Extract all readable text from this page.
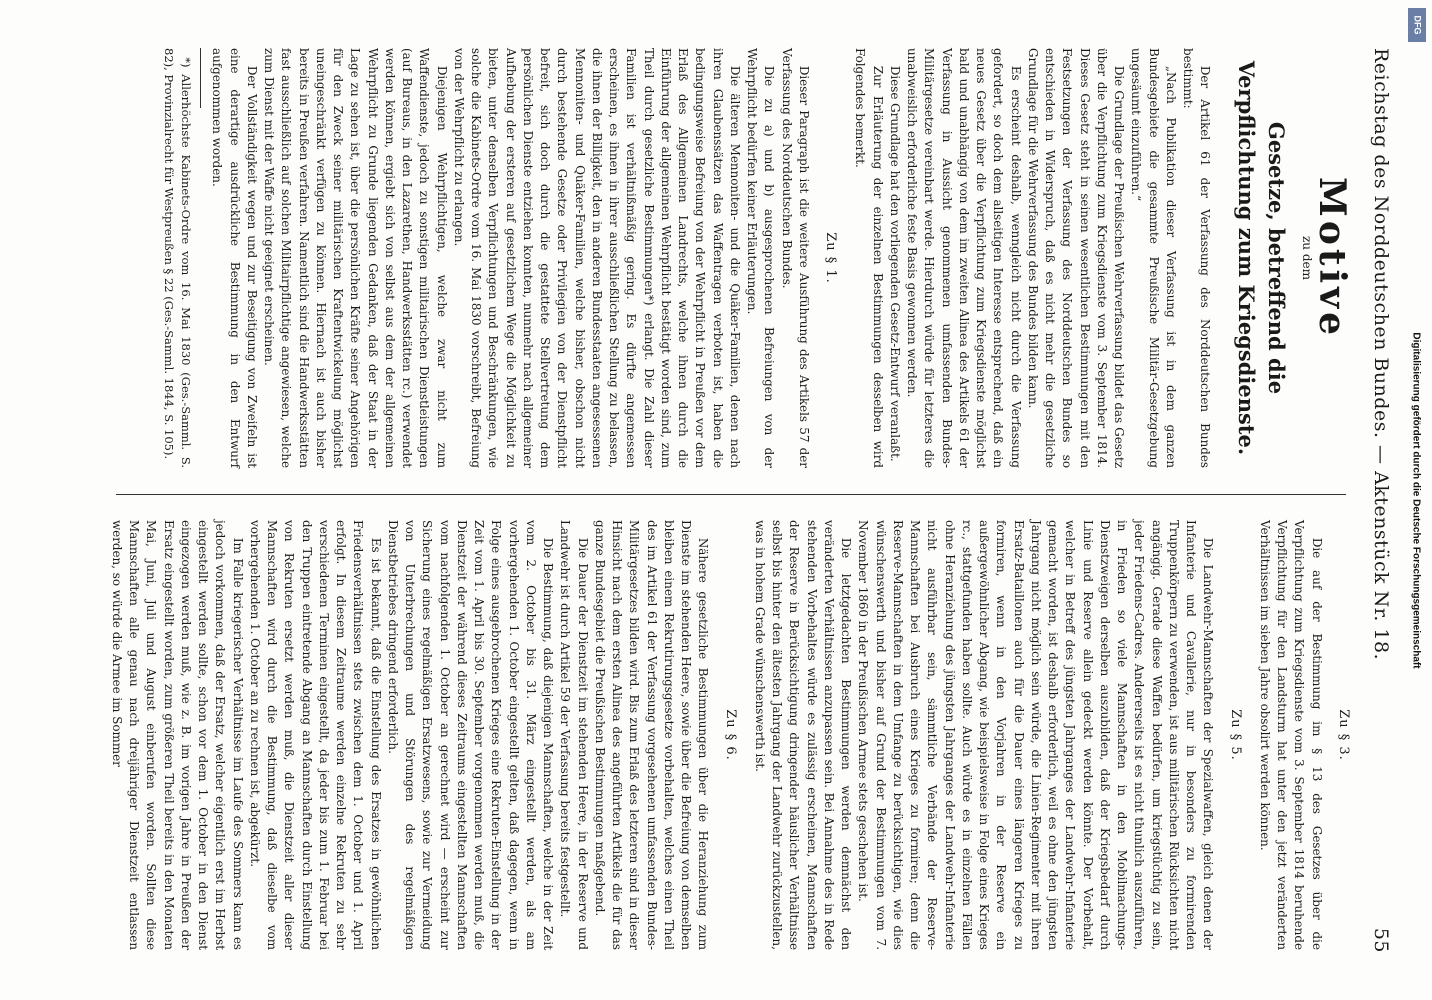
Reichstag des Norddeutschen Bundes. — Aktenstück Nr. 18.
55
Motive
zu dem
Gesetze, betreffend die Verpflichtung zum Kriegsdienste.

Der Artikel 61 der Verfassung des Norddeutschen Bundes bestimmt:

„Nach Publikation dieser Verfassung ist in dem ganzen Bundesgebiete die gesammte Preußische Militär-Gesetzgebung ungesäumt einzuführen.“

Die Grundlage der Preußischen Wehrverfassung bildet das Gesetz über die Verpflichtung zum Kriegsdienste vom 3. September 1814. Dieses Gesetz steht in seinen wesentlichen Bestimmungen mit den Festsetzungen der Verfassung des Norddeutschen Bundes so entschieden in Widerspruch, daß es nicht mehr die gesetzliche Grundlage für die Wehrverfassung des Bundes bilden kann.

Es erscheint deshalb, wenngleich nicht durch die Verfassung gefordert, so doch dem allseitigen Interesse entsprechend, daß ein neues Gesetz über die Verpflichtung zum Kriegsdienste möglichst bald und unabhängig von dem im zweiten Alinea des Artikels 61 der Verfassung in Aussicht genommenen umfassenden Bundes-Militärgesetze vereinbart werde. Hierdurch würde für letzteres die unabweislich erforderliche feste Basis gewonnen werden.

Diese Grundlage hat den vorliegenden Gesetz-Entwurf veranlaßt.

Zur Erläuterung der einzelnen Bestimmungen desselben wird Folgendes bemerkt.

Zu § 1.

Dieser Paragraph ist die weitere Ausführung des Artikels 57 der Verfassung des Norddeutschen Bundes.

Die zu a) und b) ausgesprochenen Befreiungen von der Wehrpflicht bedürfen keiner Erläuterungen.

Die älteren Mennoniten- und die Quäker-Familien, denen nach ihren Glaubenssätzen das Waffentragen verboten ist, haben die bedingungsweise Befreiung von der Wehrpflicht in Preußen vor dem Erlaß des Allgemeinen Landrechts, welche ihnen durch die Einführung der allgemeinen Wehrpflicht bestätigt worden sind, zum Theil durch gesetzliche Bestimmungen*) erlangt. Die Zahl dieser Familien ist verhältnißmäßig gering. Es dürfte angemessen erscheinen, es ihnen in ihrer ausschließlichen Stellung zu belassen, die ihnen der Billigkeit, den in anderen Bundesstaaten angesessenen Mennoniten- und Quäker-Familien, welche bisher, obschon nicht durch bestehende Gesetze oder Privilegien von der Dienstpflicht befreit, sich doch durch die gestattete Stellvertretung dem persönlichen Dienste entziehen konnten, nunmehr nach allgemeiner Aufhebung der ersteren auf gesetzlichem Wege die Möglichkeit zu bieten, unter denselben Verpflichtungen und Beschränkungen, wie solche die Kabinets-Ordre vom 16. Mai 1830 vorschreibt, Befreiung von der Wehrpflicht zu erlangen.

Diejenigen Wehrpflichtigen, welche zwar nicht zum Waffendienste, jedoch zu sonstigen militairischen Dienstleistungen (auf Bureaus, in den Lazarethen, Handwerksstätten rc.) verwendet werden können, ergiebt sich von selbst aus dem der allgemeinen Wehrpflicht zu Grunde liegenden Gedanken, daß der Staat in der Lage zu sehen ist, über die persönlichen Kräfte seiner Angehörigen für den Zweck seiner militärischen Kraftentwickelung möglichst uneingeschränkt verfügen zu können. Hiernach ist auch bisher bereits in Preußen verfahren. Namentlich sind die Handwerksstätten fast ausschließlich auf solchen Militairpflichtige angewiesen, welche zum Dienst mit der Waffe nicht geeignet erscheinen.

Der Vollständigkeit wegen und zur Beseitigung von Zweifeln ist eine derartige ausdrückliche Bestimmung in den Entwurf aufgenommen worden.

*) Allerhöchste Kabinets-Ordre vom 16. Mai 1830 (Ges.-Samml. S. 82), Provinzialrecht für Westpreußen § 22 (Ges.-Samml. 1844, S. 105).

Zu § 3.

Die auf der Bestimmung im § 13 des Gesetzes über die Verpflichtung zum Kriegsdienste vom 3. September 1814 beruhende Verpflichtung für den Landsturm hat unter den jetzt veränderten Verhältnissen im sieben Jahre obsolirt werden können.

Zu § 5.

Die Landwehr-Mannschaften der Spezialwaffen, gleich denen der Infanterie und Cavallerie, nur in besonders zu formirenden Truppenkörpern zu verwenden, ist aus militärischen Rücksichten nicht angängig. Gerade diese Waffen bedürfen, um kriegstüchtig zu sein, jeder Friedens-Cadres. Andererseits ist es nicht thunlich auszuführen, in Frieden so viele Mannschaften in den Mobilmachungs-Dienstzweigen derselben auszubilden, daß der Kriegsbedarf durch Linie und Reserve allein gedeckt werden könnte. Der Vorbehalt, welcher in Betreff des jüngsten Jahrganges der Landwehr-Infanterie gemacht worden, ist deshalb erforderlich, weil es ohne den jüngsten Jahrgang nicht möglich sein würde, die Linien-Regimenter mit ihren Ersatz-Bataillonen auch für die Dauer eines längeren Krieges zu formiren, wenn in den Vorjahren in der Reserve ein außergewöhnlicher Abgang, wie beispielsweise in Folge eines Krieges rc., stattgefunden haben sollte. Auch würde es in einzelnen Fällen ohne Heranziehung des jüngsten Jahrganges der Landwehr-Infanterie nicht ausführbar sein, sämmtliche Verbände der Reserve-Mannschaften bei Ausbruch eines Krieges zu formiren; denn die Reserve-Mannschaften in dem Umfange zu berücksichtigen, wie dies wünschenswerth und bisher auf Grund der Bestimmungen vom 7. November 1860 in der Preußischen Armee stets geschehen ist.

Die letztgedachten Bestimmungen werden demnächst den veränderten Verhältnissen anzupassen sein. Bei Annahme des in Rede stehenden Vorbehaltes würde es zulässig erscheinen, Mannschaften der Reserve in Berücksichtigung dringender häuslicher Verhältnisse selbst bis hinter den ältesten Jahrgang der Landwehr zurückzustellen, was in hohem Grade wünschenswerth ist.

Zu § 6.

Nähere gesetzliche Bestimmungen über die Heranziehung zum Dienste im stehenden Heere, sowie über die Befreiung von demselben bleiben einem Rekrutirungsgesetze vorbehalten, welches einen Theil des im Artikel 61 der Verfassung vorgesehenen umfassenden Bundes-Militärgesetzes bilden wird. Bis zum Erlaß des letzteren sind in dieser Hinsicht nach dem ersten Alinea des angeführten Artikels die für das ganze Bundesgebiet die Preußischen Bestimmungen maßgebend.

Die Dauer der Dienstzeit im stehenden Heere, in der Reserve und Landwehr ist durch Artikel 59 der Verfassung bereits festgestellt.

Die Bestimmung, daß diejenigen Mannschaften, welche in der Zeit vom 2. October bis 31. März eingestellt werden, als am vorhergehenden 1. October eingestellt gelten, daß dagegen, wenn in Folge eines ausgebrochenen Krieges eine Rekruten-Einstellung in der Zeit vom 1. April bis 30. September vorgenommen werden muß, die Dienstzeit der während dieses Zeitraums eingestellten Mannschaften vom nachfolgenden 1. October an gerechnet wird — erscheint zur Sicherung eines regelmäßigen Ersatzwesens, sowie zur Vermeidung von Unterbrechungen und Störungen des regelmäßigen Dienstbetriebes dringend erforderlich.

Es ist bekannt, daß die Einstellung des Ersatzes in gewöhnlichen Friedensverhältnissen stets zwischen dem 1. October und 1. April erfolgt. In diesem Zeitraume werden einzelne Rekruten zu sehr verschiedenen Terminen eingestellt, da jeder bis zum 1. Februar bei den Truppen eintretende Abgang an Mannschaften durch Einstellung von Rekruten ersetzt werden muß, die Dienstzeit aller dieser Mannschaften wird durch die Bestimmung, daß dieselbe vom vorhergehenden 1. October an zu rechnen ist, abgekürzt.

Im Falle kriegerischer Verhältnisse im Laufe des Sommers kann es jedoch vorkommen, daß der Ersatz, welcher eigentlich erst im Herbst eingestellt werden sollte, schon vor dem 1. October in den Dienst eingezogen werden muß, wie z. B. im vorigen Jahre in Preußen der Ersatz eingestellt worden, zum größeren Theil bereits in den Monaten Mai, Juni, Juli und August einberufen worden. Sollten diese Mannschaften alle genau nach dreijähriger Dienstzeit entlassen werden, so würde die Armee im Sommer

DFG
Digitalisierung gefördert durch die Deutsche Forschungsgemeinschaft
